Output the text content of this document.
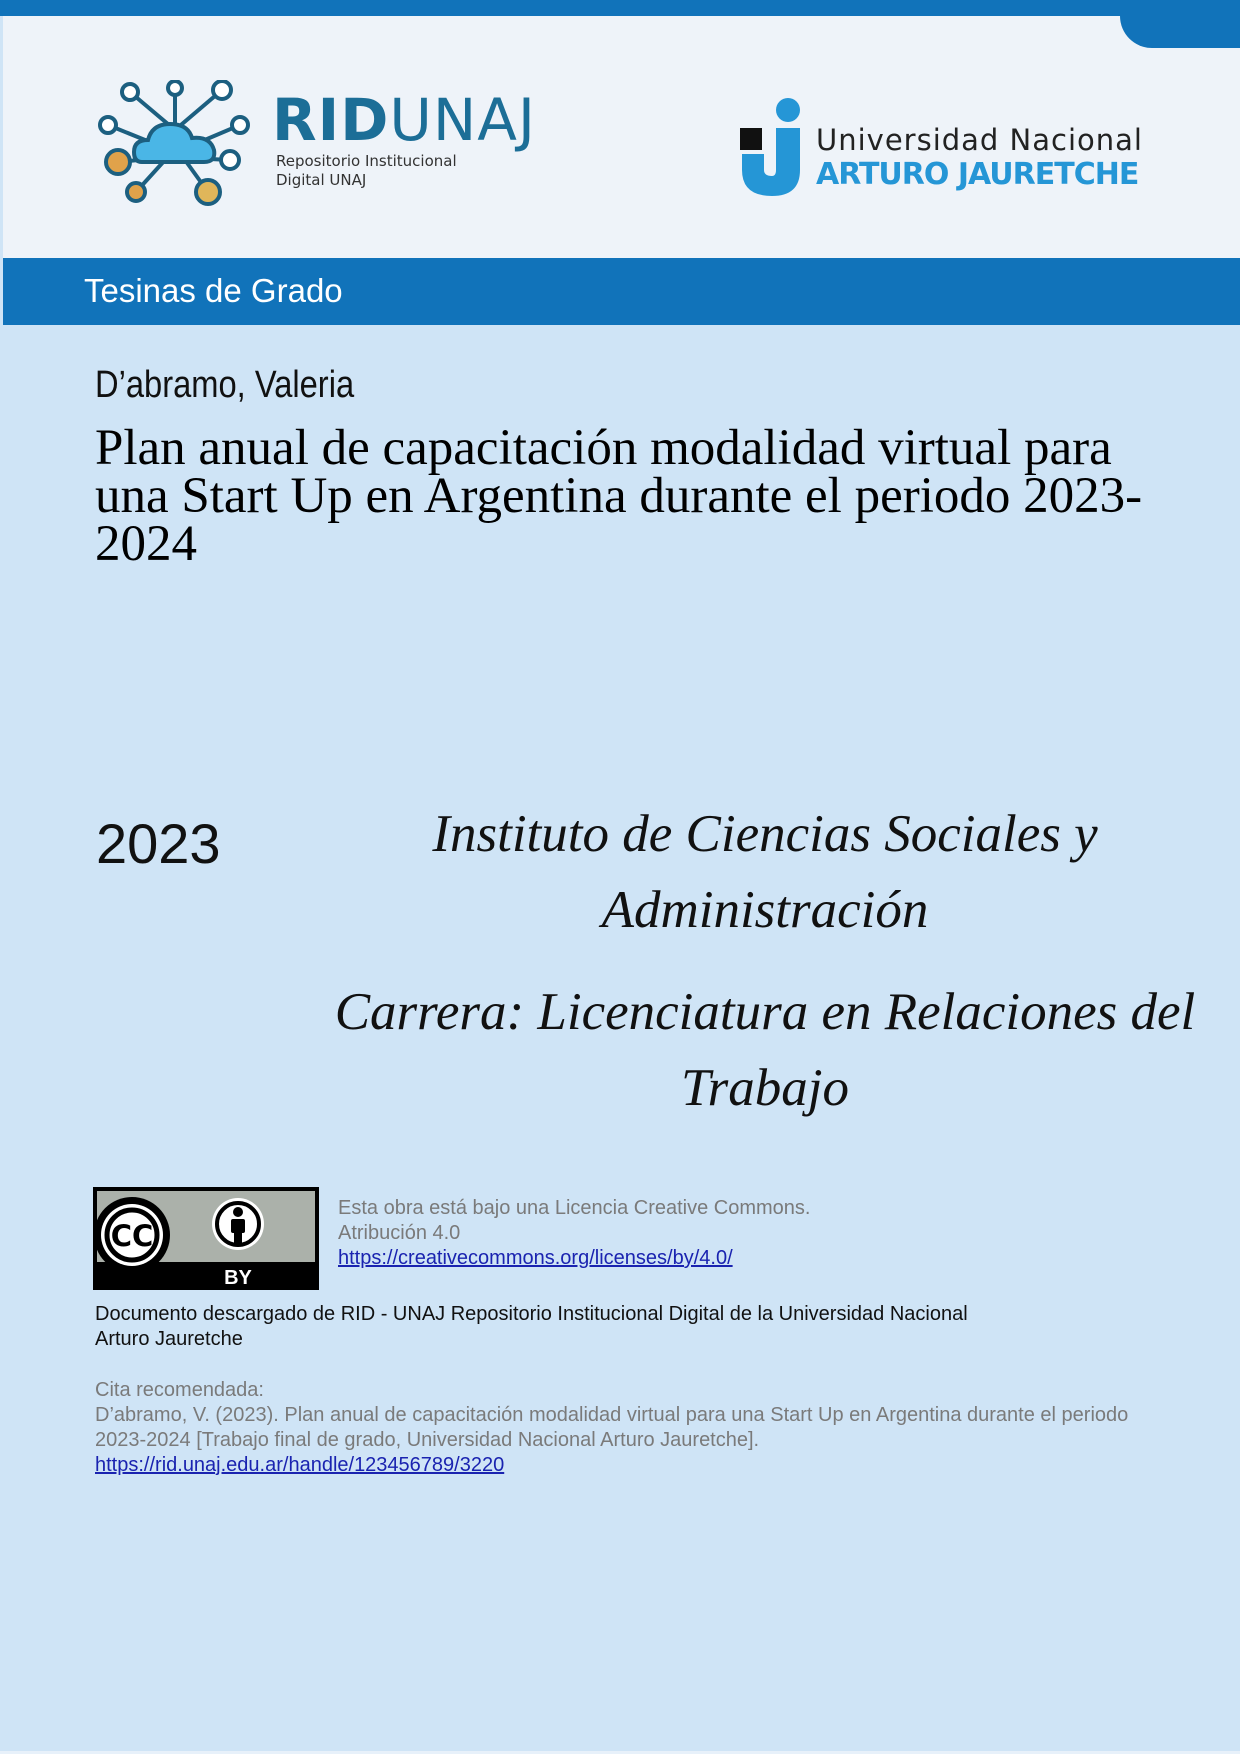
RIDUNAJ
Repositorio Institucional
Digital UNAJ
Universidad Nacional
ARTURO JAURETCHE
Tesinas de Grado
D’abramo, Valeria
Plan anual de capacitación modalidad virtual para una Start Up en Argentina durante el periodo 2023-2024
2023	Instituto de Ciencias Sociales y Administración
Carrera: Licenciatura en Relaciones del Trabajo
CC
BY
Esta obra está bajo una Licencia Creative Commons.
Atribución 4.0
https://creativecommons.org/licenses/by/4.0/
Documento descargado de RID - UNAJ Repositorio Institucional Digital de la Universidad Nacional Arturo Jauretche
Cita recomendada:
D’abramo, V. (2023). Plan anual de capacitación modalidad virtual para una Start Up en Argentina durante el periodo 2023-2024 [Trabajo final de grado, Universidad Nacional Arturo Jauretche].
https://rid.unaj.edu.ar/handle/123456789/3220
